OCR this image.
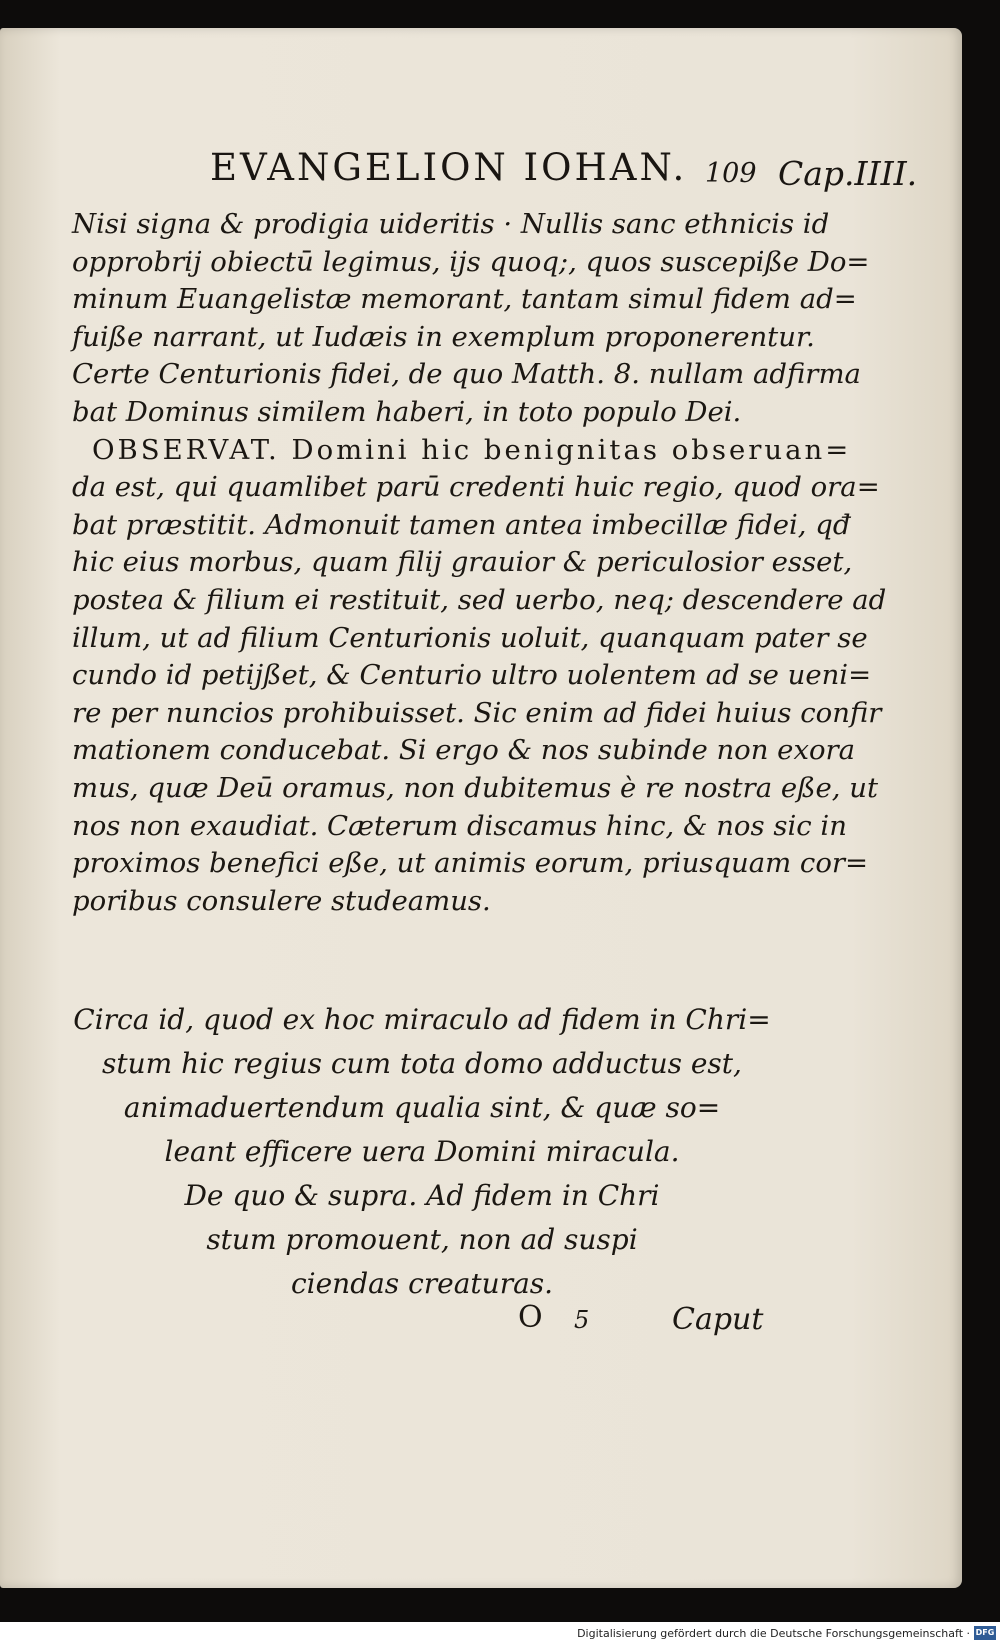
EVANGELION IOHAN. 109 Cap.IIII.
Nisi signa & prodigia uideritis · Nullis sanc ethnicis id
opprobrij obiectū legimus, ijs quoq;, quos suscepiße Do=
minum Euangelistæ memorant, tantam simul fidem ad=
fuiße narrant, ut Iudæis in exemplum proponerentur.
Certe Centurionis fidei, de quo Matth. 8. nullam adfirma
bat Dominus similem haberi, in toto populo Dei.
OBSERVAT. Domini hic benignitas obseruan=
da est, qui quamlibet parū credenti huic regio, quod ora=
bat præstitit. Admonuit tamen antea imbecillæ fidei, qđ
hic eius morbus, quam filij grauior & periculosior esset,
postea & filium ei restituit, sed uerbo, neq; descendere ad
illum, ut ad filium Centurionis uoluit, quanquam pater se
cundo id petijßet, & Centurio ultro uolentem ad se ueni=
re per nuncios prohibuisset. Sic enim ad fidei huius confir
mationem conducebat. Si ergo & nos subinde non exora
mus, quæ Deū oramus, non dubitemus è re nostra eße, ut
nos non exaudiat. Cæterum discamus hinc, & nos sic in
proximos benefici eße, ut animis eorum, priusquam cor=
poribus consulere studeamus.
Circa id, quod ex hoc miraculo ad fidem in Chri=
stum hic regius cum tota domo adductus est,
animaduertendum qualia sint, & quæ so=
leant efficere uera Domini miracula.
De quo & supra. Ad fidem in Chri
stum promouent, non ad suspi
ciendas creaturas.
O 5	Caput
Digitalisierung gefördert durch die Deutsche Forschungsgemeinschaft · DFG
